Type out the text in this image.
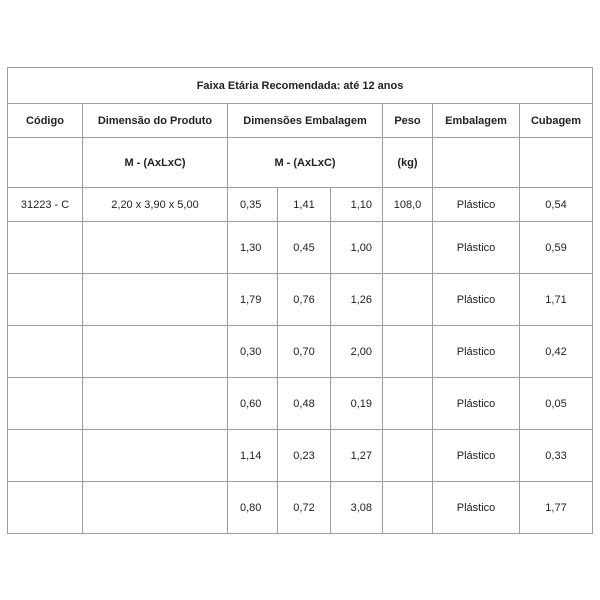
Faixa Etária Recomendada: até 12 anos							
Código	Dimensão do Produto	Dimensões Embalagem			Peso	Embalagem	Cubagem
	M - (AxLxC)	M - (AxLxC)			(kg)		
31223 - C	2,20 x 3,90 x 5,00	0,35	1,41	1,10	108,0	Plástico	0,54
		1,30	0,45	1,00		Plástico	0,59
		1,79	0,76	1,26		Plástico	1,71
		0,30	0,70	2,00		Plástico	0,42
		0,60	0,48	0,19		Plástico	0,05
		1,14	0,23	1,27		Plástico	0,33
		0,80	0,72	3,08		Plástico	1,77
